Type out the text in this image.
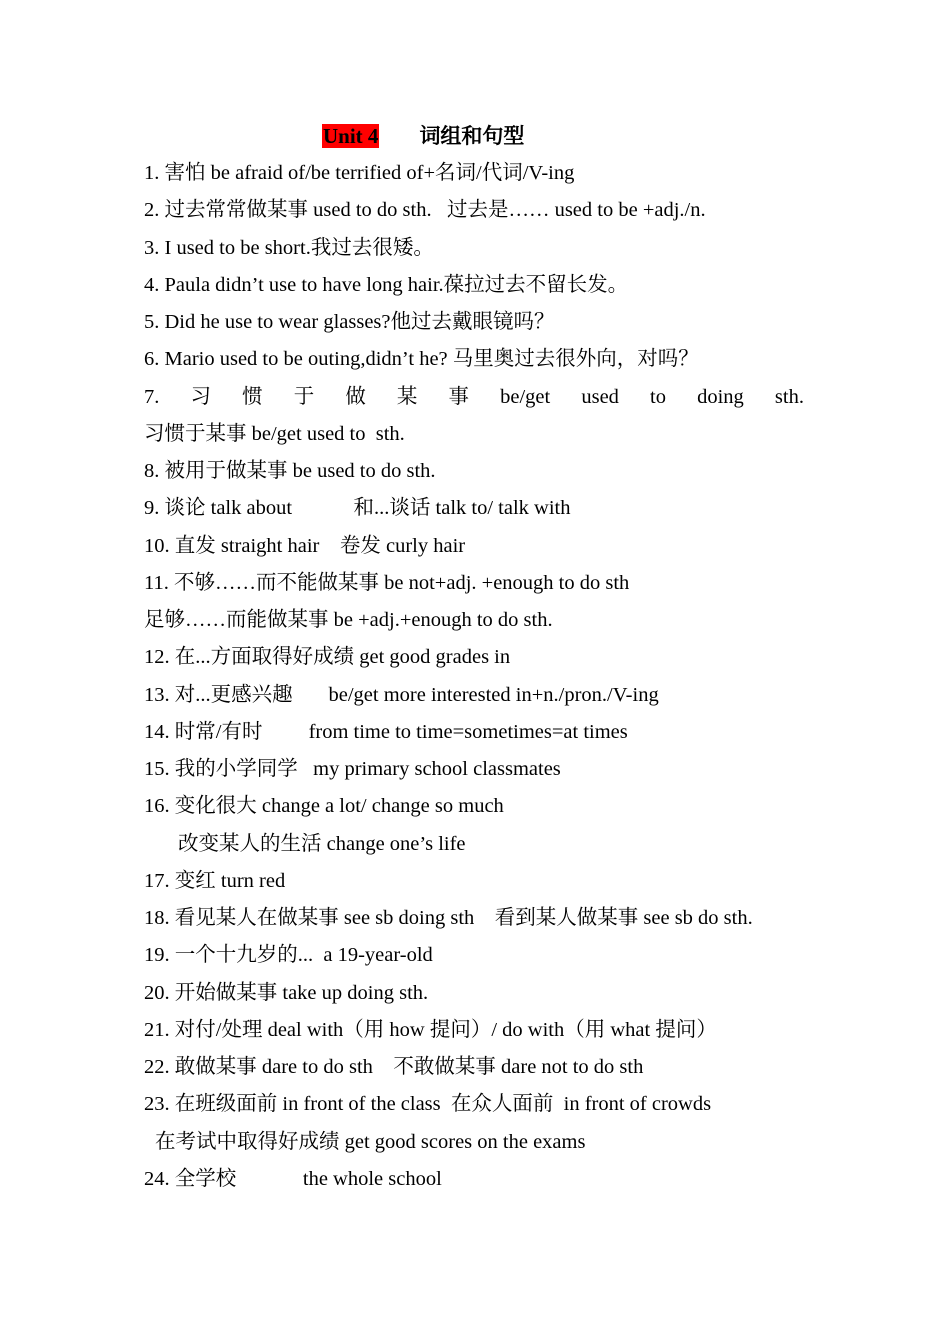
Unit 4 词组和句型
1. 害怕 be afraid of/be terrified of+名词/代词/V-ing
2. 过去常常做某事 used to do sth.   过去是…… used to be +adj./n.
3. I used to be short.我过去很矮。
4. Paula didn’t use to have long hair.葆拉过去不留长发。
5. Did he use to wear glasses?他过去戴眼镜吗？
6. Mario used to be outing,didn’t he? 马里奥过去很外向，对吗？
7. 习 惯 于 做 某 事 be/get used to doing sth.
习惯于某事 be/get used to  sth.
8. 被用于做某事 be used to do sth.
9. 谈论 talk about            和...谈话 talk to/ talk with
10. 直发 straight hair    卷发 curly hair
11. 不够……而不能做某事 be not+adj. +enough to do sth
足够……而能做某事 be +adj.+enough to do sth.
12. 在...方面取得好成绩 get good grades in
13. 对...更感兴趣       be/get more interested in+n./pron./V-ing
14. 时常/有时         from time to time=sometimes=at times
15. 我的小学同学   my primary school classmates
16. 变化很大 change a lot/ change so much
改变某人的生活 change one’s life
17. 变红 turn red
18. 看见某人在做某事 see sb doing sth    看到某人做某事 see sb do sth.
19. 一个十九岁的...  a 19-year-old
20. 开始做某事 take up doing sth.
21. 对付/处理 deal with（用 how 提问）/ do with（用 what 提问）
22. 敢做某事 dare to do sth    不敢做某事 dare not to do sth
23. 在班级面前 in front of the class  在众人面前  in front of crowds
在考试中取得好成绩 get good scores on the exams
24. 全学校             the whole school
